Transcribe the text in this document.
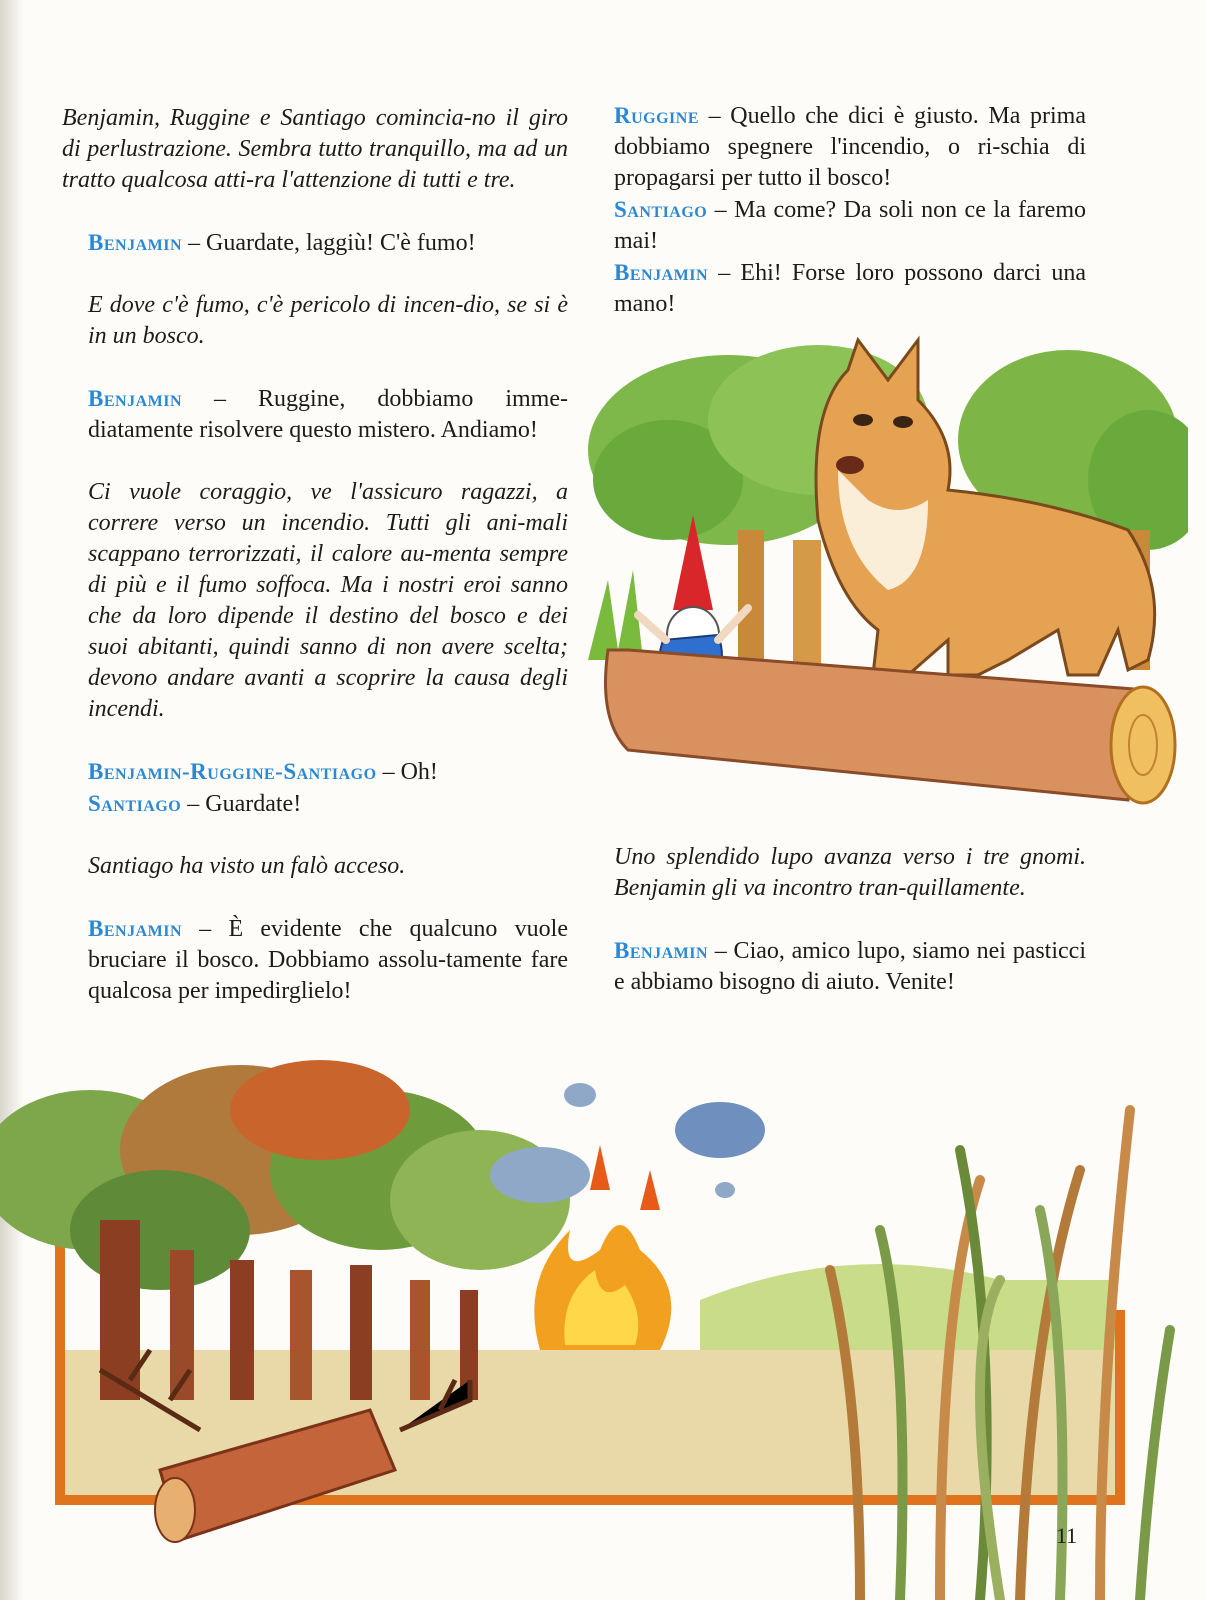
Benjamin, Ruggine e Santiago comincia-no il giro di perlustrazione. Sembra tutto tranquillo, ma ad un tratto qualcosa atti-ra l'attenzione di tutti e tre.

Benjamin – Guardate, laggiù! C'è fumo!

E dove c'è fumo, c'è pericolo di incen-dio, se si è in un bosco.

Benjamin – Ruggine, dobbiamo imme-diatamente risolvere questo mistero. Andiamo!

Ci vuole coraggio, ve l'assicuro ragazzi, a correre verso un incendio. Tutti gli ani-mali scappano terrorizzati, il calore au-menta sempre di più e il fumo soffoca. Ma i nostri eroi sanno che da loro dipende il destino del bosco e dei suoi abitanti, quindi sanno di non avere scelta; devono andare avanti a scoprire la causa degli incendi.

Benjamin-Ruggine-Santiago – Oh!

Santiago – Guardate!

Santiago ha visto un falò acceso.

Benjamin – È evidente che qualcuno vuole bruciare il bosco. Dobbiamo assolu-tamente fare qualcosa per impedirglielo!

Ruggine – Quello che dici è giusto. Ma prima dobbiamo spegnere l'incendio, o ri-schia di propagarsi per tutto il bosco!

Santiago – Ma come? Da soli non ce la faremo mai!

Benjamin – Ehi! Forse loro possono darci una mano!

Uno splendido lupo avanza verso i tre gnomi. Benjamin gli va incontro tran-quillamente.

Benjamin – Ciao, amico lupo, siamo nei pasticci e abbiamo bisogno di aiuto. Venite!

11
